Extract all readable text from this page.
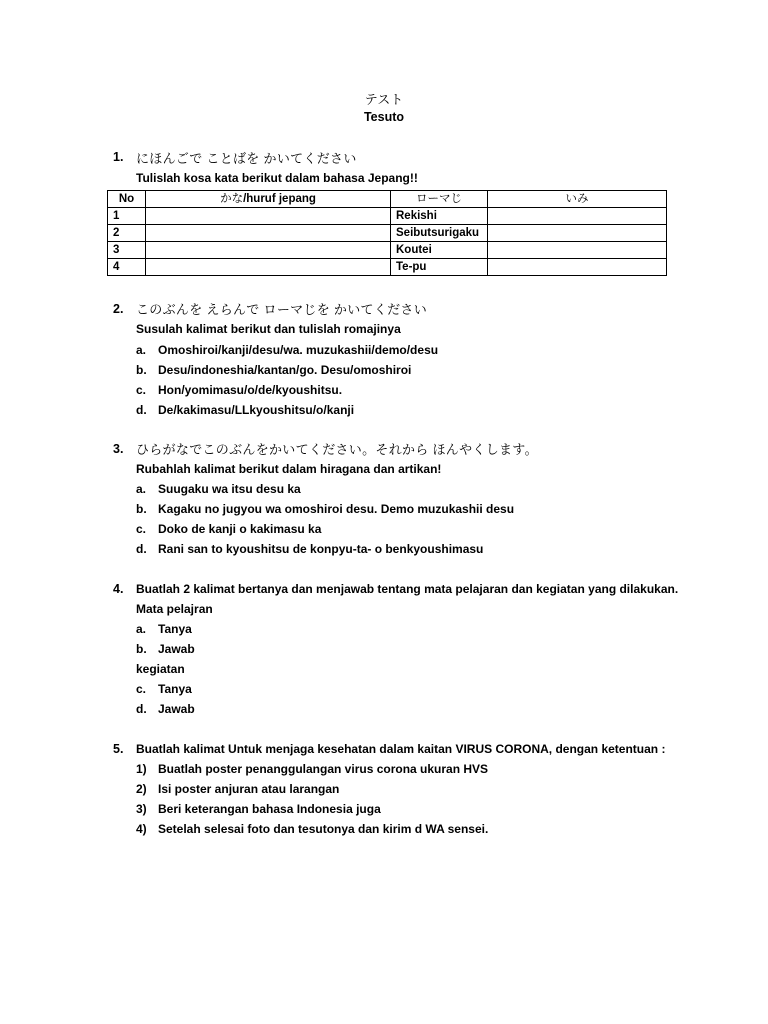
テスト
Tesuto
1. にほんごで ことばを かいてください
Tulislah kosa kata berikut dalam bahasa Jepang!!
No	かな/huruf jepang	ローマじ	いみ
1		Rekishi	
2		Seibutsurigaku	
3		Koutei	
4		Te-pu	
2. このぶんを えらんで ローマじを かいてください
Susulah kalimat berikut dan tulislah romajinya
a. Omoshiroi/kanji/desu/wa. muzukashii/demo/desu
b. Desu/indoneshia/kantan/go. Desu/omoshiroi
c. Hon/yomimasu/o/de/kyoushitsu.
d. De/kakimasu/LLkyoushitsu/o/kanji
3. ひらがなでこのぶんをかいてください。それから ほんやくします。
Rubahlah kalimat berikut dalam hiragana dan artikan!
a. Suugaku wa itsu desu ka
b. Kagaku no jugyou wa omoshiroi desu. Demo muzukashii desu
c. Doko de kanji o kakimasu ka
d. Rani san to kyoushitsu de konpyu-ta- o benkyoushimasu
4. Buatlah 2 kalimat bertanya dan menjawab tentang mata pelajaran dan kegiatan yang dilakukan.
Mata pelajran
a. Tanya
b. Jawab
kegiatan
c. Tanya
d. Jawab
5. Buatlah kalimat Untuk menjaga kesehatan dalam kaitan VIRUS CORONA, dengan ketentuan :
1) Buatlah poster penanggulangan virus corona ukuran HVS
2) Isi poster anjuran atau larangan
3) Beri keterangan bahasa Indonesia juga
4) Setelah selesai foto dan tesutonya dan kirim d WA sensei.
